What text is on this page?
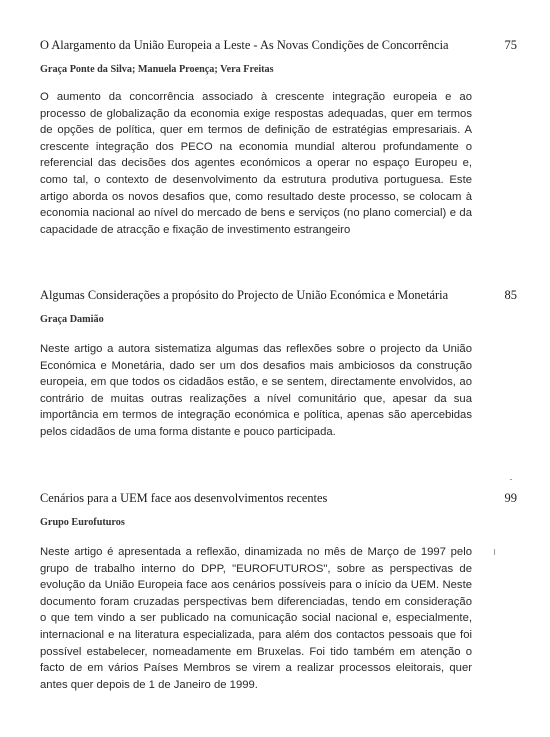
O Alargamento da União Europeia a Leste - As Novas Condições de Concorrência	75
Graça Ponte da Silva; Manuela Proença; Vera Freitas
O aumento da concorrência associado à crescente integração europeia e ao processo de globalização da economia exige respostas adequadas, quer em termos de opções de política, quer em termos de definição de estratégias empresariais. A crescente integração dos PECO na economia mundial alterou profundamente o referencial das decisões dos agentes económicos a operar no espaço Europeu e, como tal, o contexto de desenvolvimento da estrutura produtiva portuguesa. Este artigo aborda os novos desafios que, como resultado deste processo, se colocam à economia nacional ao nível do mercado de bens e serviços (no plano comercial) e da capacidade de atracção e fixação de investimento estrangeiro
Algumas Considerações a propósito do Projecto de União Económica e Monetária	85
Graça Damião
Neste artigo a autora sistematiza algumas das reflexões sobre o projecto da União Económica e Monetária, dado ser um dos desafios mais ambiciosos da construção europeia, em que todos os cidadãos estão, e se sentem, directamente envolvidos, ao contrário de muitas outras realizações a nível comunitário que, apesar da sua importância em termos de integração económica e política, apenas são apercebidas pelos cidadãos de uma forma distante e pouco participada.
Cenários para a UEM face aos desenvolvimentos recentes	99
Grupo Eurofuturos
Neste artigo é apresentada a reflexão, dinamizada no mês de Março de 1997 pelo grupo de trabalho interno do DPP, "EUROFUTUROS", sobre as perspectivas de evolução da União Europeia face aos cenários possíveis para o início da UEM. Neste documento foram cruzadas perspectivas bem diferenciadas, tendo em consideração o que tem vindo a ser publicado na comunicação social nacional e, especialmente, internacional e na literatura especializada, para além dos contactos pessoais que foi possível estabelecer, nomeadamente em Bruxelas. Foi tido também em atenção o facto de em vários Países Membros se virem a realizar processos eleitorais, quer antes quer depois de 1 de Janeiro de 1999.
